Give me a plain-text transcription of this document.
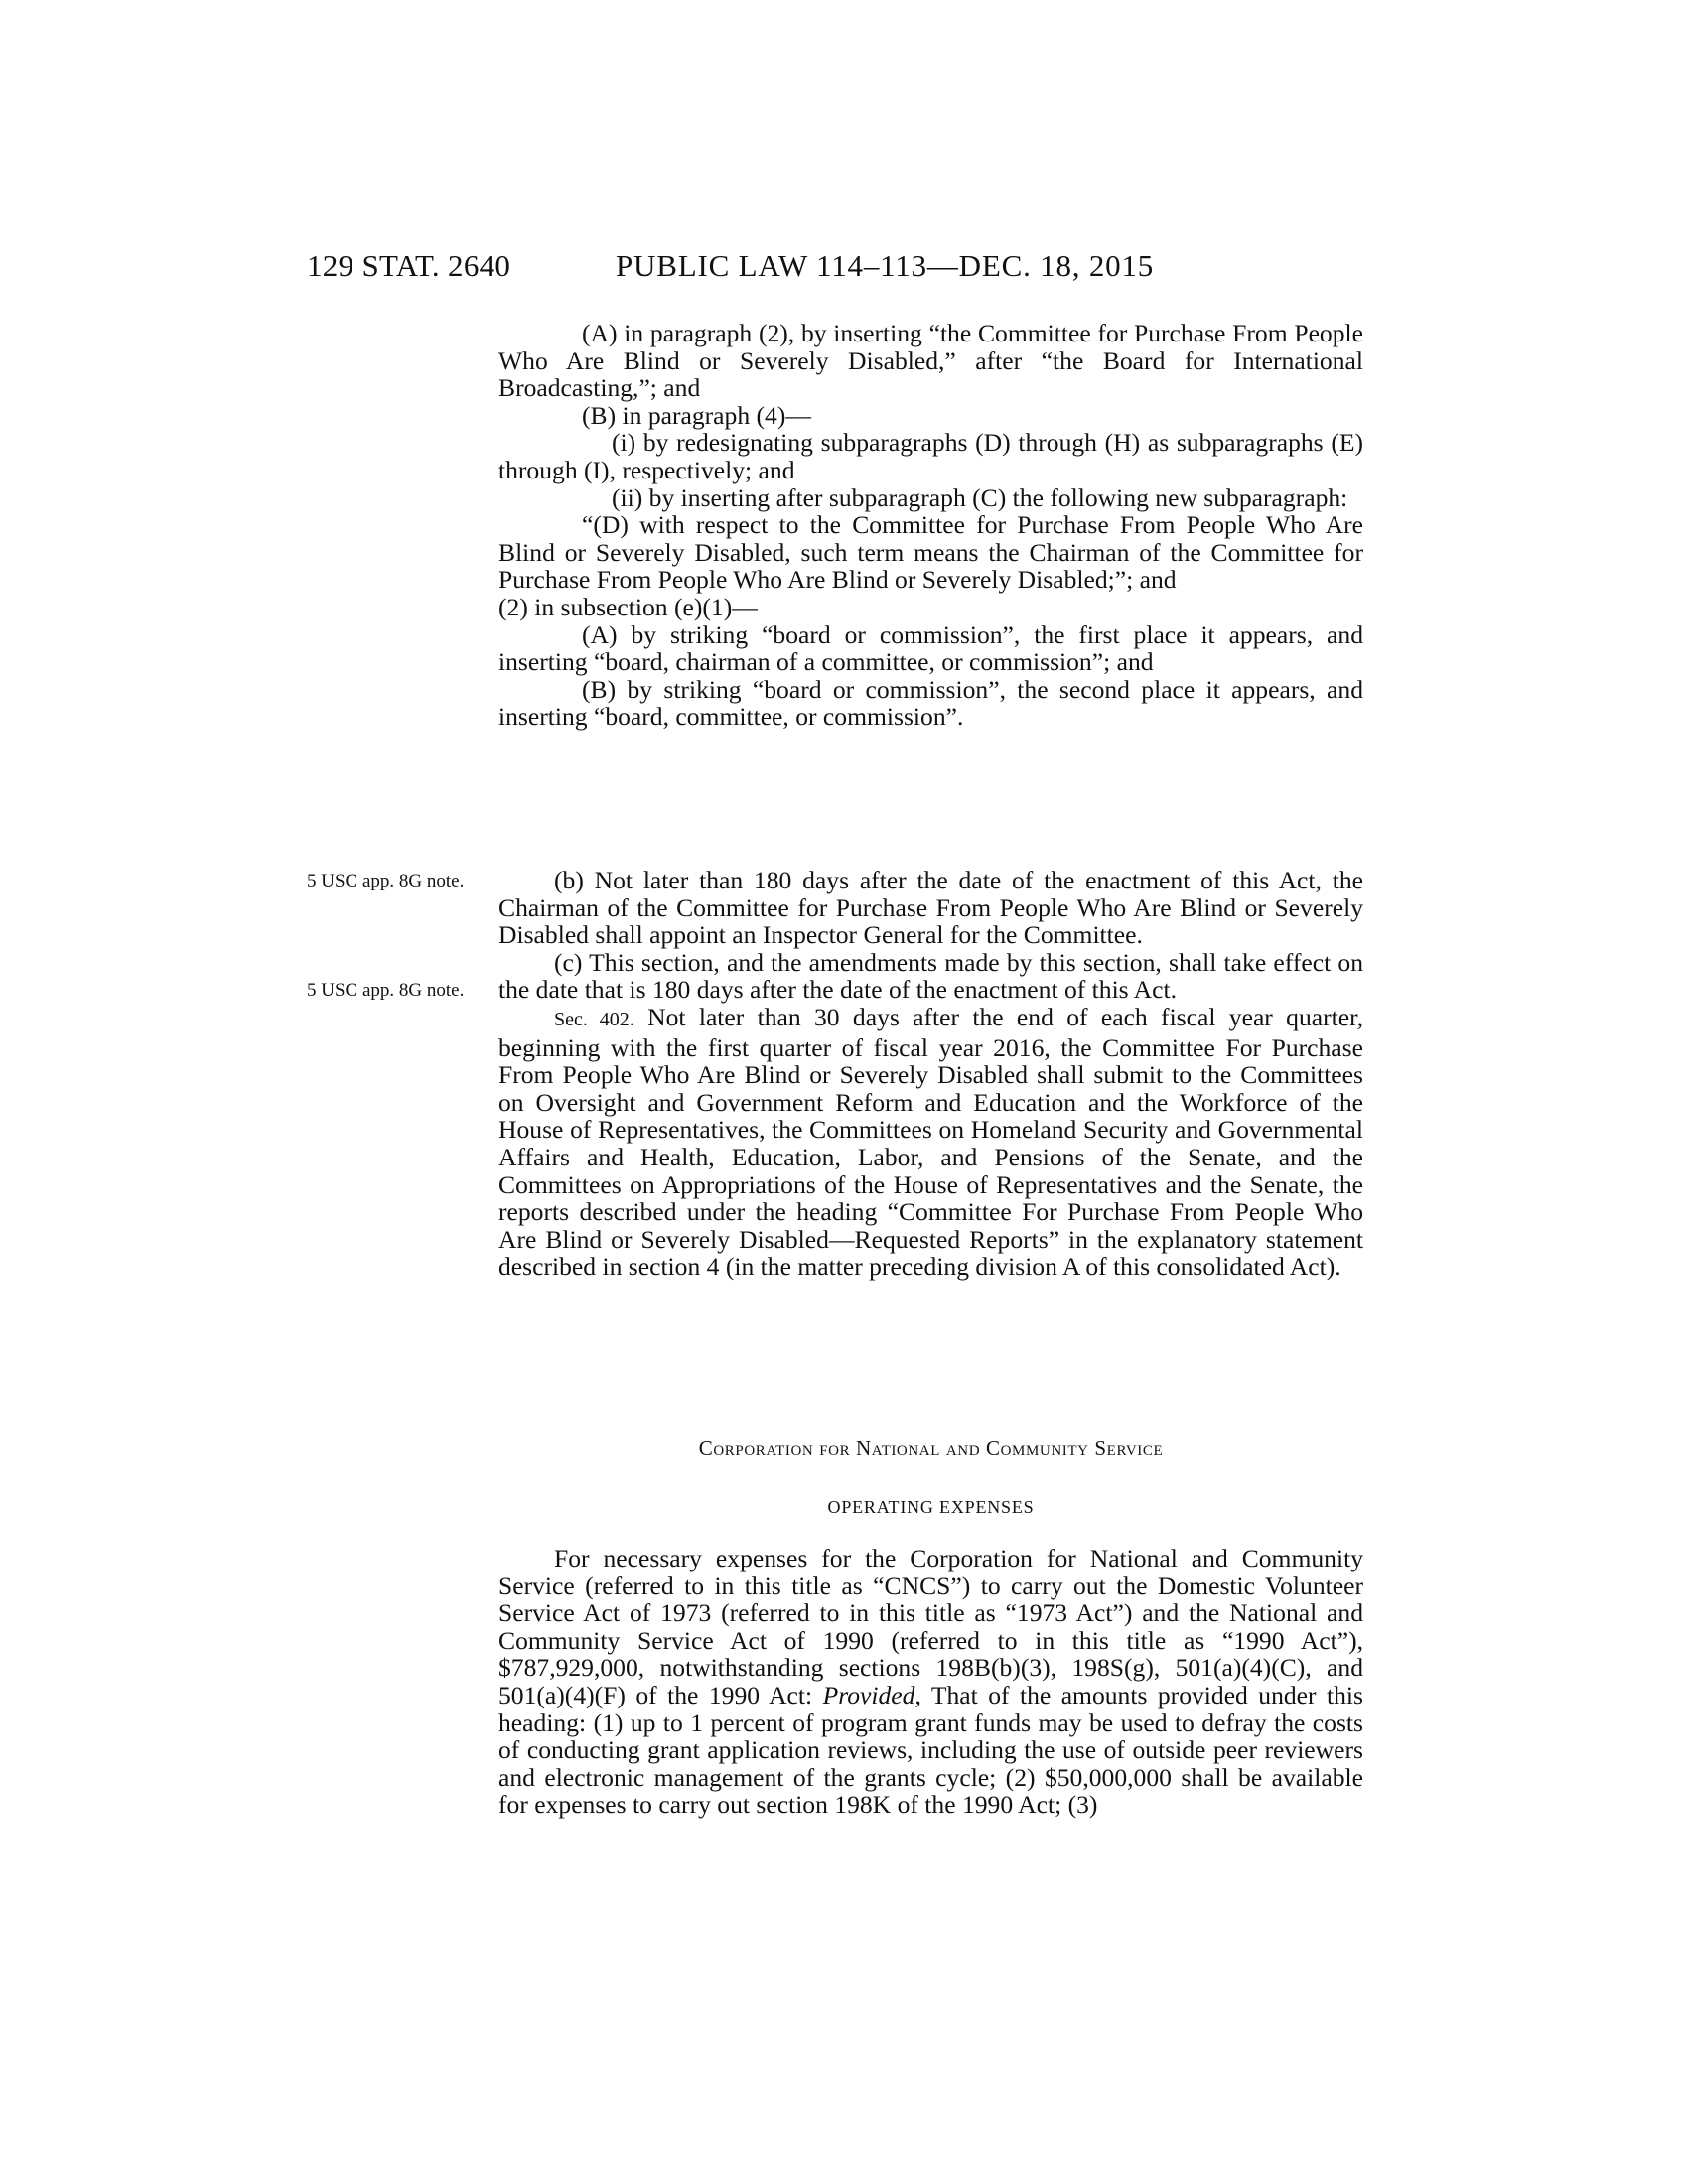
129 STAT. 2640	PUBLIC LAW 114–113—DEC. 18, 2015

(A) in paragraph (2), by inserting “the Committee for Purchase From People Who Are Blind or Severely Disabled,” after “the Board for International Broadcasting,”; and

(B) in paragraph (4)—

(i) by redesignating subparagraphs (D) through (H) as subparagraphs (E) through (I), respectively; and

(ii) by inserting after subparagraph (C) the following new subparagraph:

“(D) with respect to the Committee for Purchase From People Who Are Blind or Severely Disabled, such term means the Chairman of the Committee for Purchase From People Who Are Blind or Severely Disabled;”; and

(2) in subsection (e)(1)—

(A) by striking “board or commission”, the first place it appears, and inserting “board, chairman of a committee, or commission”; and

(B) by striking “board or commission”, the second place it appears, and inserting “board, committee, or commission”.

5 USC app. 8G note.
5 USC app. 8G note.

(b) Not later than 180 days after the date of the enactment of this Act, the Chairman of the Committee for Purchase From People Who Are Blind or Severely Disabled shall appoint an Inspector General for the Committee.

(c) This section, and the amendments made by this section, shall take effect on the date that is 180 days after the date of the enactment of this Act.

Sec. 402. Not later than 30 days after the end of each fiscal year quarter, beginning with the first quarter of fiscal year 2016, the Committee For Purchase From People Who Are Blind or Severely Disabled shall submit to the Committees on Oversight and Government Reform and Education and the Workforce of the House of Representatives, the Committees on Homeland Security and Governmental Affairs and Health, Education, Labor, and Pensions of the Senate, and the Committees on Appropriations of the House of Representatives and the Senate, the reports described under the heading “Committee For Purchase From People Who Are Blind or Severely Disabled—Requested Reports” in the explanatory statement described in section 4 (in the matter preceding division A of this consolidated Act).

Corporation for National and Community Service
OPERATING EXPENSES

For necessary expenses for the Corporation for National and Community Service (referred to in this title as “CNCS”) to carry out the Domestic Volunteer Service Act of 1973 (referred to in this title as “1973 Act”) and the National and Community Service Act of 1990 (referred to in this title as “1990 Act”), $787,929,000, notwithstanding sections 198B(b)(3), 198S(g), 501(a)(4)(C), and 501(a)(4)(F) of the 1990 Act: Provided, That of the amounts provided under this heading: (1) up to 1 percent of program grant funds may be used to defray the costs of conducting grant application reviews, including the use of outside peer reviewers and electronic management of the grants cycle; (2) $50,000,000 shall be available for expenses to carry out section 198K of the 1990 Act; (3)
